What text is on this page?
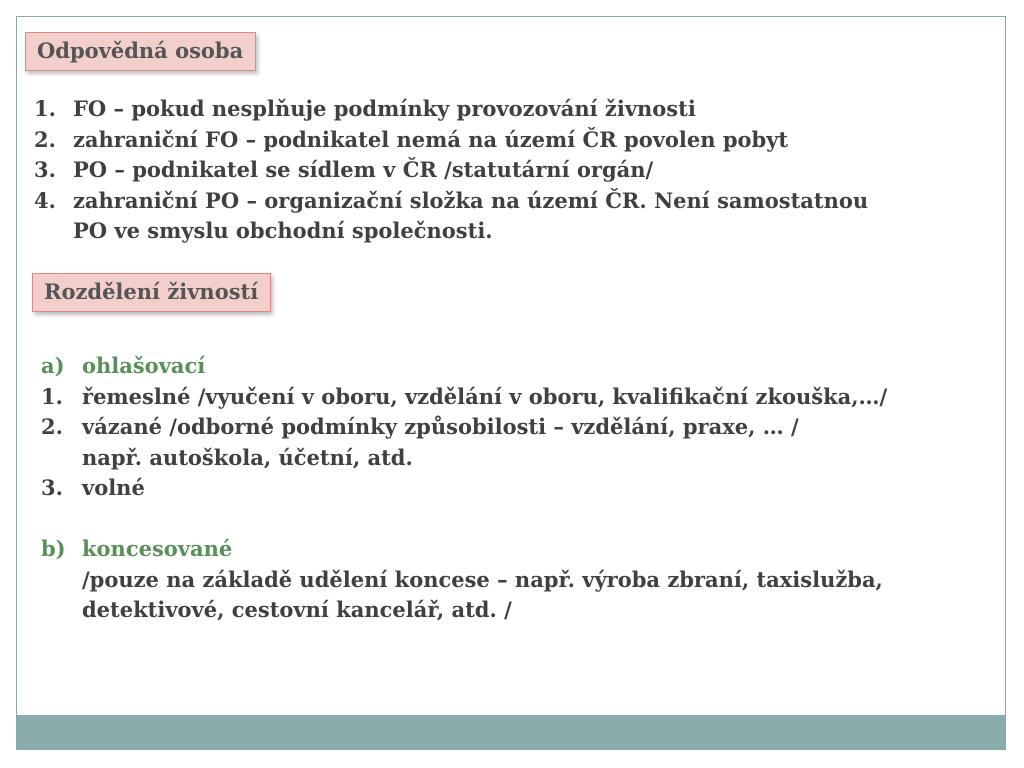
Odpovědná osoba
1. FO – pokud nesplňuje podmínky provozování živnosti
2. zahraniční FO – podnikatel nemá na území ČR povolen pobyt
3. PO – podnikatel se sídlem v ČR /statutární orgán/
4. zahraniční PO – organizační složka na území ČR. Není samostatnou
PO ve smyslu obchodní společnosti.
Rozdělení živností
a) ohlašovací
1. řemeslné /vyučení v oboru, vzdělání v oboru, kvalifikační zkouška,…/
2. vázané /odborné podmínky způsobilosti – vzdělání, praxe, … /
např. autoškola, účetní, atd.
3. volné
b) koncesované
/pouze na základě udělení koncese – např. výroba zbraní, taxislužba,
detektivové, cestovní kancelář, atd. /
